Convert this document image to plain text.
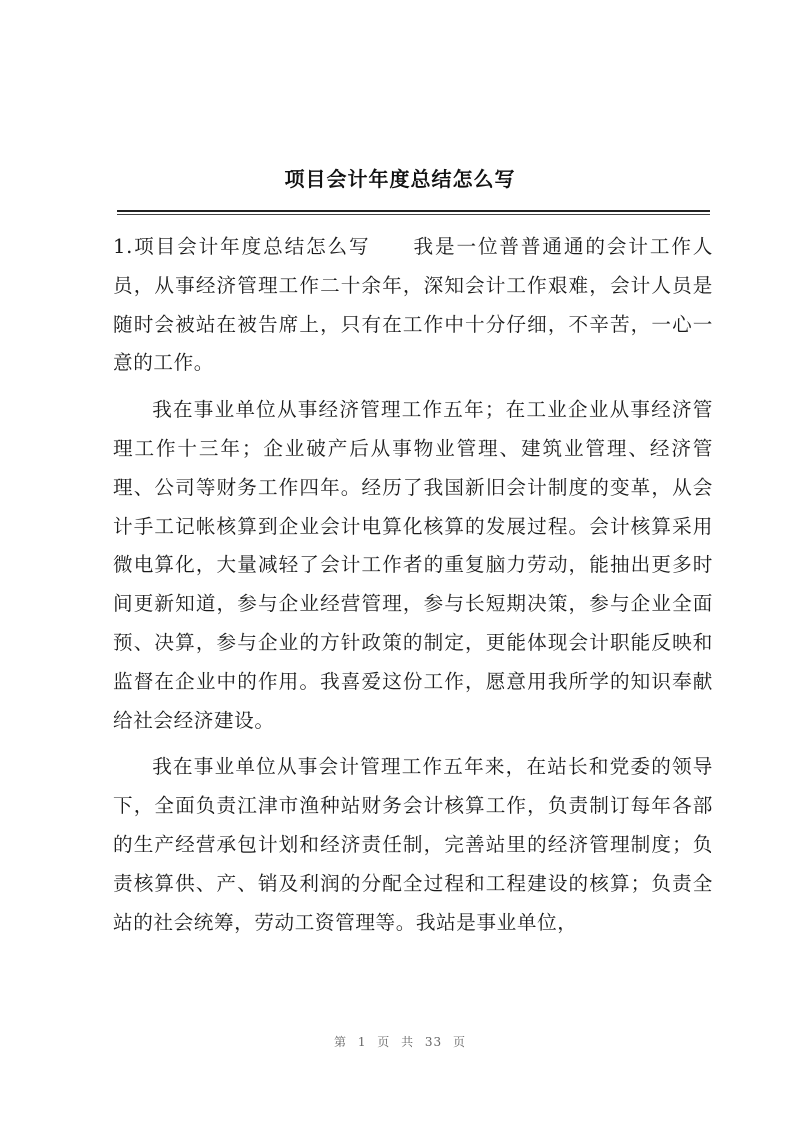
项目会计年度总结怎么写

1.项目会计年度总结怎么写　　我是一位普普通通的会计工作人员，从事经济管理工作二十余年，深知会计工作艰难，会计人员是随时会被站在被告席上，只有在工作中十分仔细，不辛苦，一心一意的工作。

我在事业单位从事经济管理工作五年；在工业企业从事经济管理工作十三年；企业破产后从事物业管理、建筑业管理、经济管理、公司等财务工作四年。经历了我国新旧会计制度的变革，从会计手工记帐核算到企业会计电算化核算的发展过程。会计核算采用微电算化，大量减轻了会计工作者的重复脑力劳动，能抽出更多时间更新知道，参与企业经营管理，参与长短期决策，参与企业全面预、决算，参与企业的方针政策的制定，更能体现会计职能反映和监督在企业中的作用。我喜爱这份工作，愿意用我所学的知识奉献给社会经济建设。

我在事业单位从事会计管理工作五年来，在站长和党委的领导下，全面负责江津市渔种站财务会计核算工作，负责制订每年各部的生产经营承包计划和经济责任制，完善站里的经济管理制度；负责核算供、产、销及利润的分配全过程和工程建设的核算；负责全站的社会统筹，劳动工资管理等。我站是事业单位，

第 1 页 共 33 页
